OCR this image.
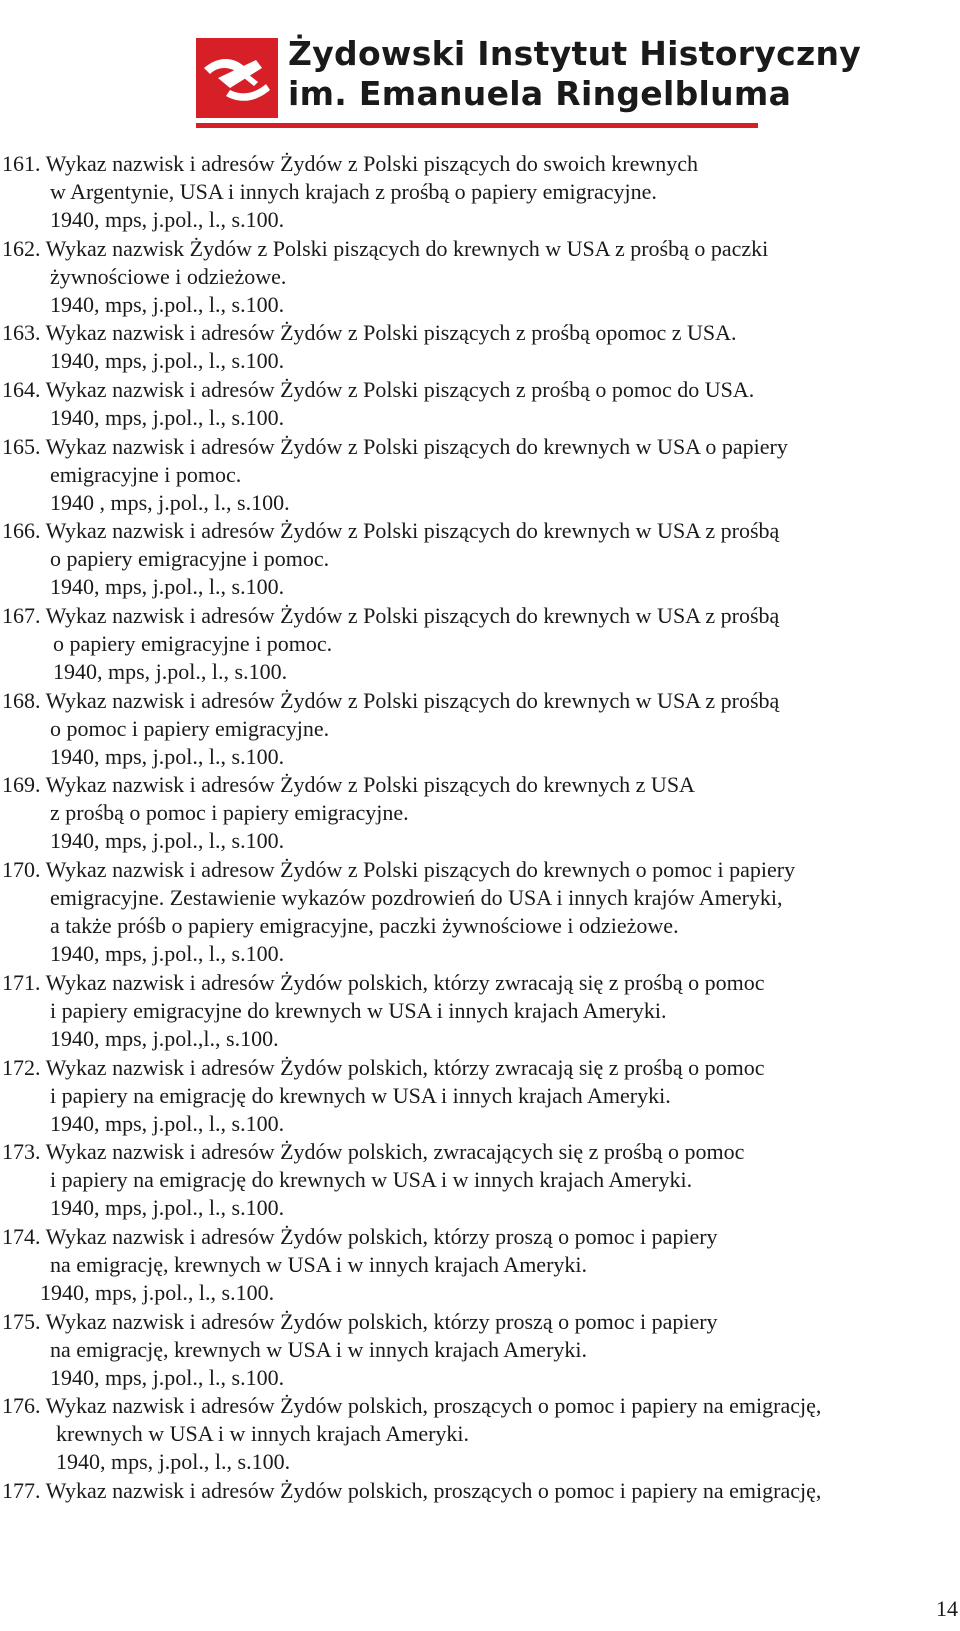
Żydowski Instytut Historyczny
im. Emanuela Ringelbluma
161. Wykaz nazwisk i adresów Żydów z Polski piszących do swoich krewnych
w Argentynie, USA i innych krajach z prośbą o papiery emigracyjne.
1940, mps, j.pol., l., s.100.
162. Wykaz nazwisk Żydów z Polski piszących do krewnych w USA z prośbą o paczki
żywnościowe i odzieżowe.
1940, mps, j.pol., l., s.100.
163. Wykaz nazwisk i adresów Żydów z Polski piszących z prośbą opomoc z USA.
1940, mps, j.pol., l., s.100.
164. Wykaz nazwisk i adresów Żydów z Polski piszących z prośbą o pomoc do USA.
1940, mps, j.pol., l., s.100.
165. Wykaz nazwisk i adresów Żydów z Polski piszących do krewnych w USA o papiery
emigracyjne i pomoc.
1940 , mps, j.pol., l., s.100.
166. Wykaz nazwisk i adresów Żydów z Polski piszących do krewnych w USA z prośbą
o papiery emigracyjne i pomoc.
1940, mps, j.pol., l., s.100.
167. Wykaz nazwisk i adresów Żydów z Polski piszących do krewnych w USA z prośbą
o papiery emigracyjne i pomoc.
1940, mps, j.pol., l., s.100.
168. Wykaz nazwisk i adresów Żydów z Polski piszących do krewnych w USA z prośbą
o pomoc i papiery emigracyjne.
1940, mps, j.pol., l., s.100.
169. Wykaz nazwisk i adresów Żydów z Polski piszących do krewnych z USA
z prośbą o pomoc i papiery emigracyjne.
1940, mps, j.pol., l., s.100.
170. Wykaz nazwisk i adresow Żydów z Polski piszących do krewnych o pomoc i papiery
emigracyjne. Zestawienie wykazów pozdrowień do USA i innych krajów Ameryki,
a także próśb o papiery emigracyjne, paczki żywnościowe i odzieżowe.
1940, mps, j.pol., l., s.100.
171. Wykaz nazwisk i adresów Żydów polskich, którzy zwracają się z prośbą o pomoc
i papiery emigracyjne do krewnych w USA i innych krajach Ameryki.
1940, mps, j.pol.,l., s.100.
172. Wykaz nazwisk i adresów Żydów polskich, którzy zwracają się z prośbą o pomoc
i papiery na emigrację do krewnych w USA i innych krajach Ameryki.
1940, mps, j.pol., l., s.100.
173. Wykaz nazwisk i adresów Żydów polskich, zwracających się z prośbą o pomoc
i papiery na emigrację do krewnych w USA i w innych krajach Ameryki.
1940, mps, j.pol., l., s.100.
174. Wykaz nazwisk i adresów Żydów polskich, którzy proszą o pomoc i papiery
na emigrację, krewnych w USA i w innych krajach Ameryki.
1940, mps, j.pol., l., s.100.
175. Wykaz nazwisk i adresów Żydów polskich, którzy proszą o pomoc i papiery
na emigrację, krewnych w USA i w innych krajach Ameryki.
1940, mps, j.pol., l., s.100.
176. Wykaz nazwisk i adresów Żydów polskich, proszących o pomoc i papiery na emigrację,
krewnych w USA i w innych krajach Ameryki.
1940, mps, j.pol., l., s.100.
177. Wykaz nazwisk i adresów Żydów polskich, proszących o pomoc i papiery na emigrację,
14
